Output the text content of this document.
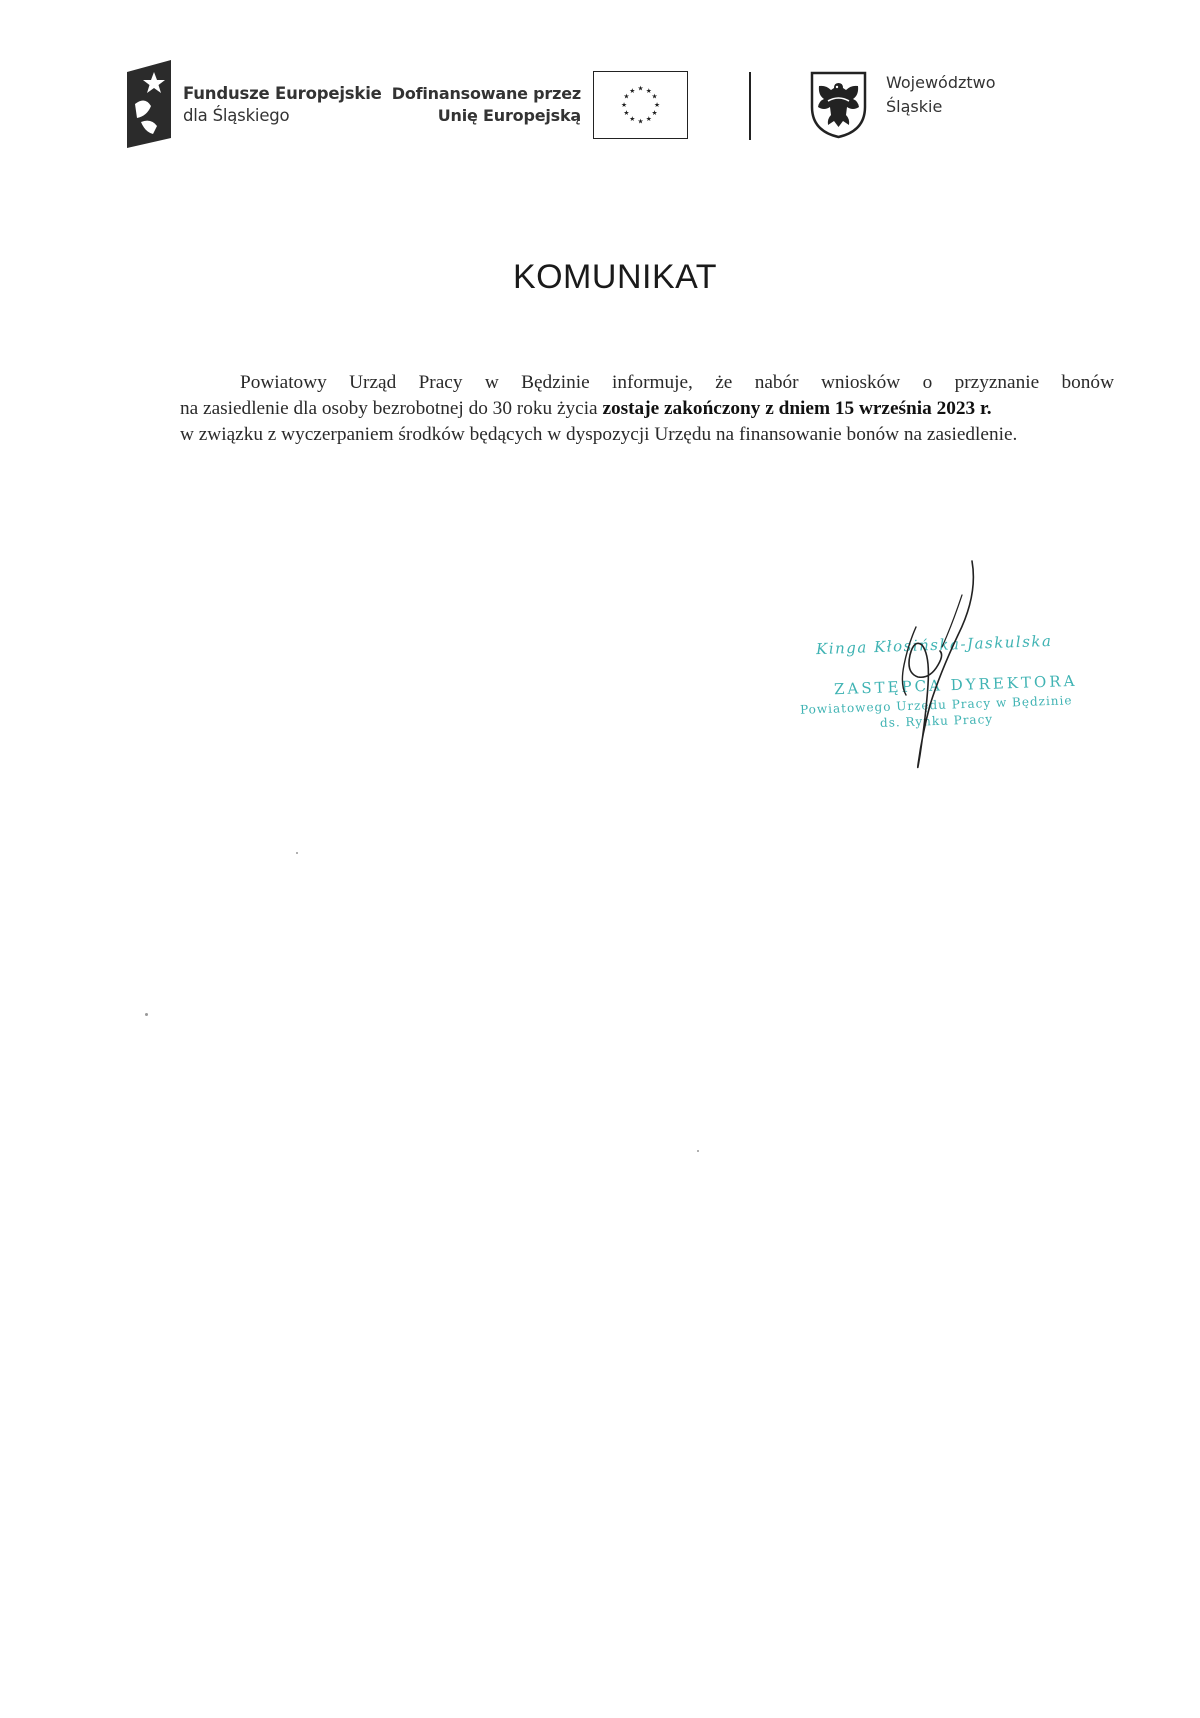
Fundusze Europejskie
dla Śląskiego
Dofinansowane przez
Unię Europejską
★ ★
★
★
★
★
★
★
★
★
★
★	Województwo
Śląskie
KOMUNIKAT
Powiatowy Urząd Pracy w Będzinie informuje, że nabór wniosków o przyznanie bonów
na zasiedlenie dla osoby bezrobotnej do 30 roku życia zostaje zakończony z dniem 15 września 2023 r.
w związku z wyczerpaniem środków będących w dyspozycji Urzędu na finansowanie bonów na zasiedlenie.
Kinga Kłosińska-Jaskulska
ZASTĘPCA DYREKTORA
Powiatowego Urzędu Pracy w Będzinie
ds. Rynku Pracy
